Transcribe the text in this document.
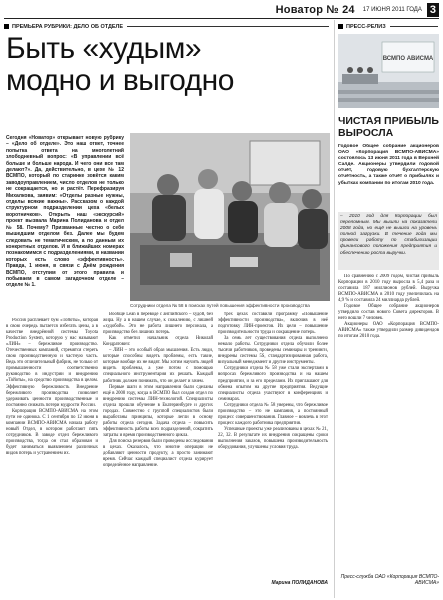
Новатор № 24 17 ИЮНЯ 2011 ГОДА 3
ПРЕМЬЕРА РУБРИКИ: ДЕЛО ОБ ОТДЕЛЕ
Быть «худым»
модно и выгодно
Сегодня «Новатор» открывает новую рубрику – «Дело об отделе». Это наш ответ, точнее попытка ответа на многолетний злободневный вопрос: «В управлении всё больше и больше народа. И чего они все там делают?». Да, действительно, в цехе № 12 ВСМПО, который по старинке зовётся каким заводоуправлением, число отделов не только не сокращается, но и растёт. Перефразируя Михалкова, заявим: «Отделы разные нужны, отделы всякие важны». Рассказом о каждой структурном подразделении цеха «белых воротничков». Открыть наш «экскурсий» проект вызвала Марина Полиданова и отдел № 58. Почему? Призванные честно о себе вышедшим отделом без. Далее мы будем следовать не тематическим, а по данным их конкретных отделов. И в ближайших номерах познакомимся с подразделениями, в названии которых есть слово «эффективность». Правда, 1 июня, в связи с Днём рождения ВСМПО, отступим от этого правила и побываем в самом загадочном отделе – отделе № 1.
Сотрудники отдела № 58 в поисках путей повышения эффективности производства

Россия расплевает бум «Тойоты», которая в свою очередь пытается избегать цены, а в качестве внедрённой системы Toyota Production System, которую у нас называют «ЛИН» – бережливое производство. Отечественных компаний, стремятся стереть свою производственную и частную часть. Ведь это отличительный фабрик, не только от промышленности соответственно руководство в индустрии и внедрению «Тойоты», на средство производства в целом. Эффективную бережливость Внедрение бережливого производства позволяет удерживать ценности производственные и постоянно снижать потери мудрости России.

Корпорация ВСМПО-АВИСМА на этом пути не одинока. С 1 сентября по 12 июня в компании ВСМПО-АВИСМА начала работу новый Отдел, в котором работают пять сотрудников. В заводе отдел бережливого производства, тогда он стал образован и будет заниматься выявлением различных видов потерь и устранением их.

Вообще Lean в переводе с английского – худой, без жира. Ну а в нашем случае, к сожалению, с лишней «худобой». Это не работа лишнего персонала, а производство без лишних потерь.

Как отметил начальник отдела Николай Кондратович:

– ЛИН – это особый образ мышления. Есть люди, которые способны видеть проблемы, есть такие, которые вообще их не видят. Мы хотим научить людей видеть проблемы, а уже потом с помощью специального инструментария их решать. Каждый работник должен понимать, что он делает и зачем.

Первые шаги в этом направлении были сделаны ещё в 2008 году, когда в ВСМПО был создан отдел по внедрению системы ЛИН-технологий. Специалисты отдела прошли обучение в Екатеринбурге и других городах. Совместно с группой специалистов были выработаны принципы, которые легли в основу работы отдела сегодня. Задача отдела – повысить эффективность работы всех подразделений, сократить затраты и время производственного цикла.

Для поиска резервов были проведены исследования в цехах. Оказалось, что многие операции не добавляют ценности продукту, а просто занимают время. Сейчас каждый специалист отдела курирует определённое направление.

трёх цехах составили программу «Повышение эффективности производства», включив в неё подготовку ЛИН-проектов. Их цели – повышение производительности труда и сокращение потерь.

За семь лет существования отдела выполнено немало работы. Сотрудники отдела обучили более тысячи работников, проведены семинары и тренинги, внедрены системы 5S, стандартизированная работа, визуальный менеджмент и другие инструменты.

Сотрудники отдела № 58 уже стали экспертами в вопросах бережливого производства и на нашем предприятии, и за его пределами. Их приглашают для обмена опытом на другие предприятия. Ведущие специалисты отдела участвуют в конференциях и семинарах.

Сотрудники отдела № 58 уверены, что бережливое производство – это не кампания, а постоянный процесс совершенствования. Главное – вовлечь в этот процесс каждого работника предприятия.

Успешные проекты уже реализованы в цехах № 21, 22, 32. В результате их внедрения сокращены сроки выполнения заказов, повышена производительность оборудования, улучшены условия труда.

Марина ПОЛИДАНОВА
ПРЕСС-РЕЛИЗ
ВСМПО АВИСМА
ЧИСТАЯ ПРИБЫЛЬ ВЫРОСЛА
Годовое Общее собрание акционеров ОАО «Корпорация ВСМПО-АВИСМА» состоялось 13 июня 2011 года в Верхней Салде. Акционеры утвердили годовой отчёт, годовую бухгалтерскую отчётность, а также отчёт о прибылях и убытках компании по итогам 2010 года.
– 2010 год для Корпорации был переломным. Мы вышли на показатели 2008 года, но ещё не вышли на уровень полной загрузки. В течение года мы провели работу по стабилизации финансового положения предприятия и обеспечению роста выручки.

По сравнению с 2009 годом, чистая прибыль Корпорации в 2010 году выросла в 5,4 раза и составила 187 миллионов рублей. Выручка ВСМПО-АВИСМА в 2010 году увеличилась на 4,9 % и составила 24 миллиарда рублей.

Годовое Общее собрание акционеров утвердило состав нового Совета директоров. В него вошли 7 человек.

Акционеры ОАО «Корпорация ВСМПО-АВИСМА» также утвердили размер дивидендов по итогам 2010 года.

Пресс-служба ОАО «Корпорация ВСМПО-АВИСМА»
